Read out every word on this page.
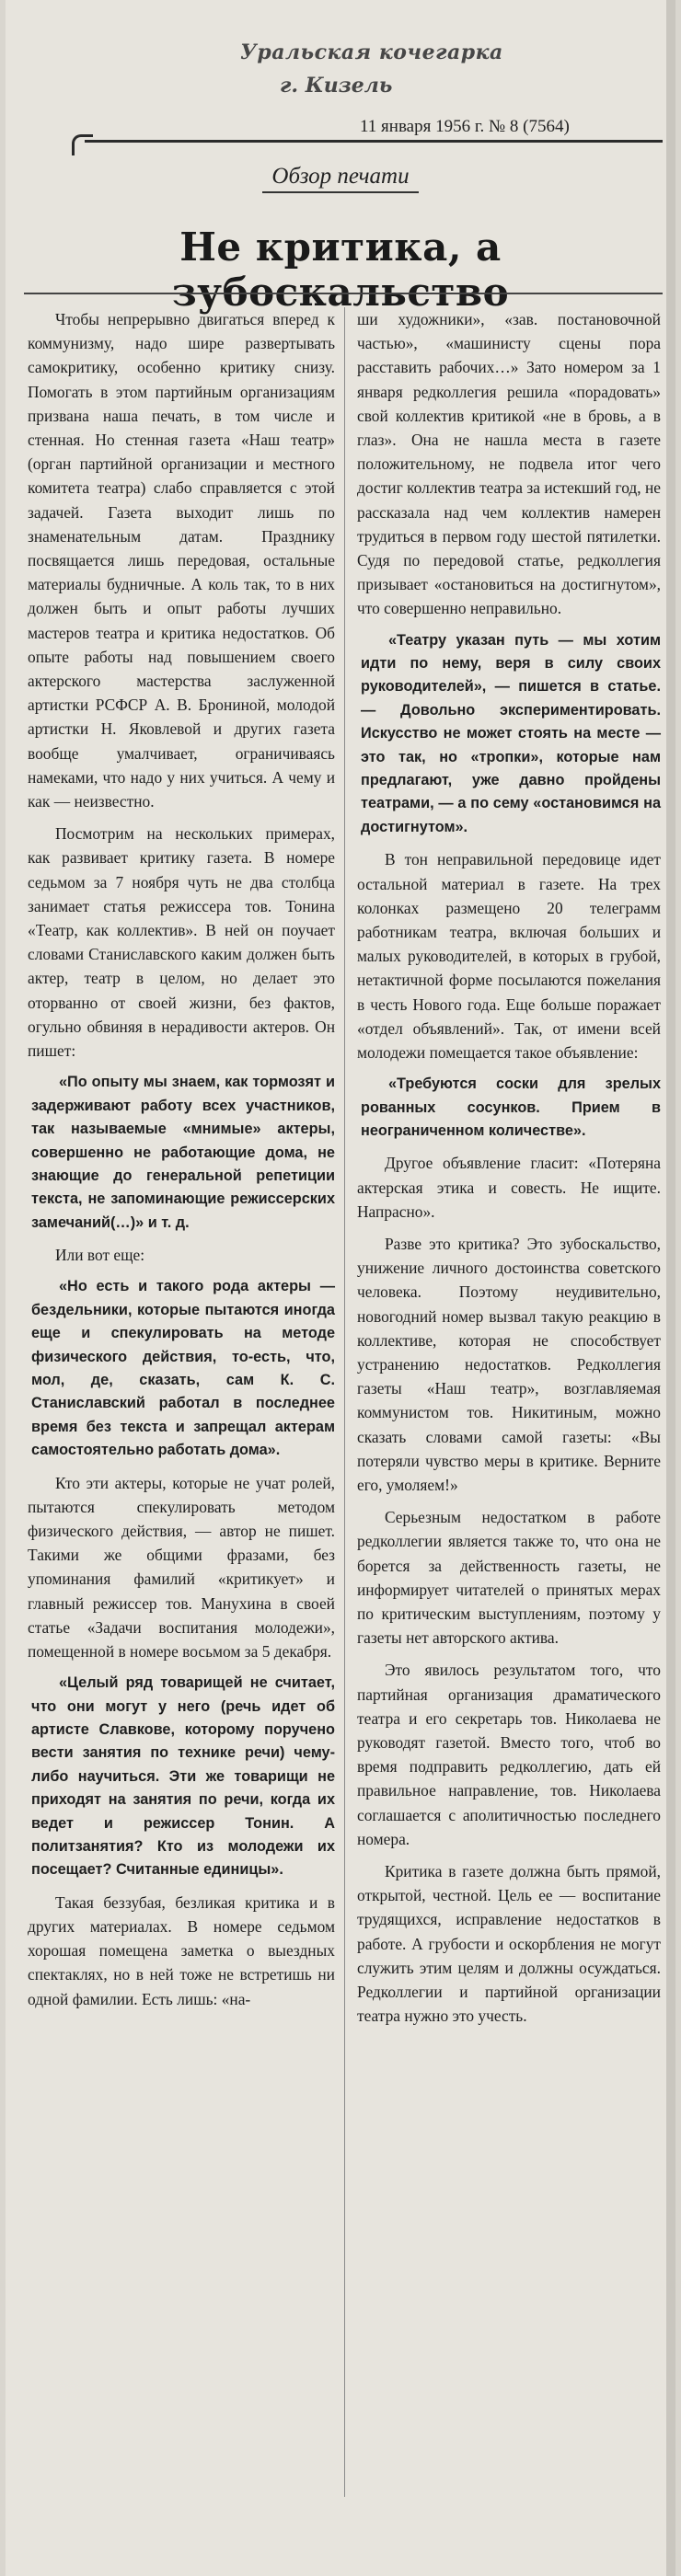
Уральская кочегарка
г. Кизель
11 января 1956 г. № 8 (7564)
Обзор печати
Не критика, а зубоскальство

Чтобы непрерывно двигаться вперед к коммунизму, надо шире развертывать самокритику, особенно критику снизу. Помогать в этом партийным организациям призвана наша печать, в том числе и стенная. Но стенная газета «Наш театр» (орган партийной организации и местного комитета театра) слабо справляется с этой задачей. Газета выходит лишь по знаменательным датам. Празднику посвящается лишь передовая, остальные материалы будничные. А коль так, то в них должен быть и опыт работы лучших мастеров театра и критика недостатков. Об опыте работы над повышением своего актерского мастерства заслуженной артистки РСФСР А. В. Брониной, молодой артистки Н. Яковлевой и других газета вообще умалчивает, ограничиваясь намеками, что надо у них учиться. А чему и как — неизвестно.

Посмотрим на нескольких примерах, как развивает критику газета. В номере седьмом за 7 ноября чуть не два столбца занимает статья режиссера тов. Тонина «Театр, как коллектив». В ней он поучает словами Станиславского каким должен быть актер, театр в целом, но делает это оторванно от своей жизни, без фактов, огульно обвиняя в нерадивости актеров. Он пишет:

«По опыту мы знаем, как тормозят и задерживают работу всех участников, так называемые «мнимые» актеры, совершенно не работающие дома, не знающие до генеральной репетиции текста, не запоминающие режиссерских замечаний(…)» и т. д.

Или вот еще:

«Но есть и такого рода актеры — бездельники, которые пытаются иногда еще и спекулировать на методе физического действия, то-есть, что, мол, де, сказать, сам К. С. Станиславский работал в последнее время без текста и запрещал актерам самостоятельно работать дома».

Кто эти актеры, которые не учат ролей, пытаются спекулировать методом физического действия, — автор не пишет. Такими же общими фразами, без упоминания фамилий «критикует» и главный режиссер тов. Манухина в своей статье «Задачи воспитания молодежи», помещенной в номере восьмом за 5 декабря.

«Целый ряд товарищей не считает, что они могут у него (речь идет об артисте Славкове, которому поручено вести занятия по технике речи) чему-либо научиться. Эти же товарищи не приходят на занятия по речи, когда их ведет и режиссер Тонин. А политзанятия? Кто из молодежи их посещает? Считанные единицы».

Такая беззубая, безликая критика и в других материалах. В номере седьмом хорошая помещена заметка о выездных спектаклях, но в ней тоже не встретишь ни одной фамилии. Есть лишь: «на-

ши художники», «зав. постановочной частью», «машинисту сцены пора расставить рабочих…» Зато номером за 1 января редколлегия решила «порадовать» свой коллектив критикой «не в бровь, а в глаз». Она не нашла места в газете положительному, не подвела итог чего достиг коллектив театра за истекший год, не рассказала над чем коллектив намерен трудиться в первом году шестой пятилетки. Судя по передовой статье, редколлегия призывает «остановиться на достигнутом», что совершенно неправильно.

«Театру указан путь — мы хотим идти по нему, веря в силу своих руководителей», — пишется в статье. — Довольно экспериментировать. Искусство не может стоять на месте — это так, но «тропки», которые нам предлагают, уже давно пройдены театрами, — а по сему «остановимся на достигнутом».

В тон неправильной передовице идет остальной материал в газете. На трех колонках размещено 20 телеграмм работникам театра, включая больших и малых руководителей, в которых в грубой, нетактичной форме посылаются пожелания в честь Нового года. Еще больше поражает «отдел объявлений». Так, от имени всей молодежи помещается такое объявление:

«Требуются соски для зрелых рованных сосунков. Прием в неограниченном количестве».

Другое объявление гласит: «Потеряна актерская этика и совесть. Не ищите. Напрасно».

Разве это критика? Это зубоскальство, унижение личного достоинства советского человека. Поэтому неудивительно, новогодний номер вызвал такую реакцию в коллективе, которая не способствует устранению недостатков. Редколлегия газеты «Наш театр», возглавляемая коммунистом тов. Никитиным, можно сказать словами самой газеты: «Вы потеряли чувство меры в критике. Верните его, умоляем!»

Серьезным недостатком в работе редколлегии является также то, что она не борется за действенность газеты, не информирует читателей о принятых мерах по критическим выступлениям, поэтому у газеты нет авторского актива.

Это явилось результатом того, что партийная организация драматического театра и его секретарь тов. Николаева не руководят газетой. Вместо того, чтоб во время подправить редколлегию, дать ей правильное направление, тов. Николаева соглашается с аполитичностью последнего номера.

Критика в газете должна быть прямой, открытой, честной. Цель ее — воспитание трудящихся, исправление недостатков в работе. А грубости и оскорбления не могут служить этим целям и должны осуждаться. Редколлегии и партийной организации театра нужно это учесть.
